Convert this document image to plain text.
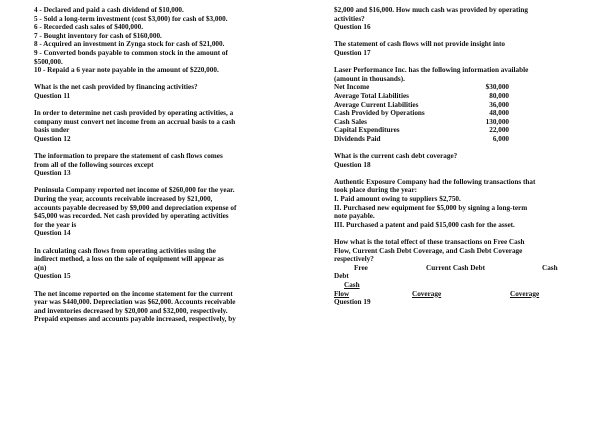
4 - Declared and paid a cash dividend of $10,000.
5 - Sold a long-term investment (cost $3,000) for cash of $3,000.
6 - Recorded cash sales of $400,000.
7 - Bought inventory for cash of $160,000.
8 - Acquired an investment in Zynga stock for cash of $21,000.
9 - Converted bonds payable to common stock in the amount of
$500,000.
10 - Repaid a 6 year note payable in the amount of $220,000.
What is the net cash provided by financing activities?
Question 11
In order to determine net cash provided by operating activities, a
company must convert net income from an accrual basis to a cash
basis under
Question 12
The information to prepare the statement of cash flows comes
from all of the following sources except
Question 13
Peninsula Company reported net income of $260,000 for the year.
During the year, accounts receivable increased by $21,000,
accounts payable decreased by $9,000 and depreciation expense of
$45,000 was recorded. Net cash provided by operating activities
for the year is
Question 14
In calculating cash flows from operating activities using the
indirect method, a loss on the sale of equipment will appear as
a(n)
Question 15
The net income reported on the income statement for the current
year was $440,000. Depreciation was $62,000. Accounts receivable
and inventories decreased by $20,000 and $32,000, respectively.
Prepaid expenses and accounts payable increased, respectively, by
$2,000 and $16,000. How much cash was provided by operating
activities?
Question 16
The statement of cash flows will not provide insight into
Question 17
Laser Performance Inc. has the following information available
(amount in thousands).
Net Income	$30,000
Average Total Liabilities	80,000
Average Current Liabilities	36,000
Cash Provided by Operations	48,000
Cash Sales	130,000
Capital Expenditures	22,000
Dividends Paid	6,000
What is the current cash debt coverage?
Question 18
Authentic Exposure Company had the following transactions that
took place during the year:
I. Paid amount owing to suppliers $2,750.
II. Purchased new equipment for $5,000 by signing a long-term
note payable.
III. Purchased a patent and paid $15,000 cash for the asset.
How what is the total effect of these transactions on Free Cash
Flow, Current Cash Debt Coverage, and Cash Debt Coverage
respectively?
Free	Current Cash Debt	Cash
Debt
Cash
Flow	Coverage	Coverage
Question 19
